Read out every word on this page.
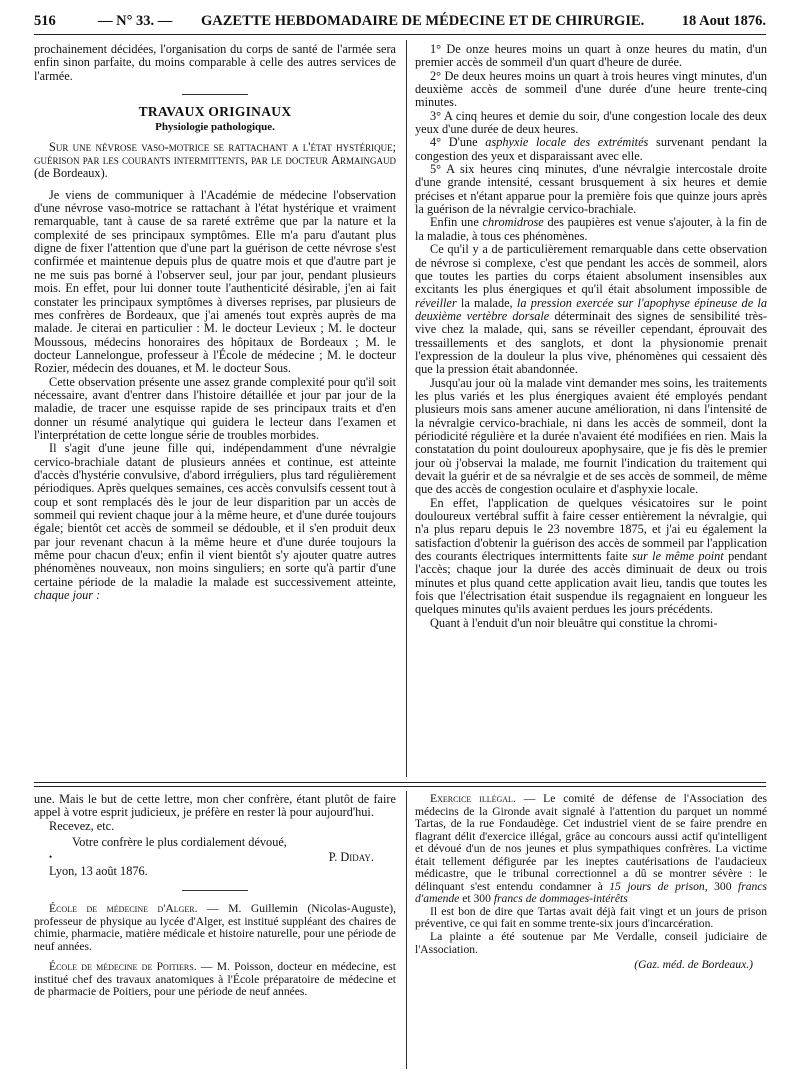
516	— N° 33. — GAZETTE HEBDOMADAIRE DE MÉDECINE ET DE CHIRURGIE.	18 Aout 1876.

prochainement décidées, l'organisation du corps de santé de l'armée sera enfin sinon parfaite, du moins comparable à celle des autres services de l'armée.

TRAVAUX ORIGINAUX
Physiologie pathologique.

Sur une névrose vaso-motrice se rattachant a l'état hystérique; guérison par les courants intermittents, par le docteur Armaingaud (de Bordeaux).

Je viens de communiquer à l'Académie de médecine l'observation d'une névrose vaso-motrice se rattachant à l'état hystérique et vraiment remarquable, tant à cause de sa rareté extrême que par la nature et la complexité de ses principaux symptômes. Elle m'a paru d'autant plus digne de fixer l'attention que d'une part la guérison de cette névrose s'est confirmée et maintenue depuis plus de quatre mois et que d'autre part je ne me suis pas borné à l'observer seul, jour par jour, pendant plusieurs mois. En effet, pour lui donner toute l'authenticité désirable, j'en ai fait constater les principaux symptômes à diverses reprises, par plusieurs de mes confrères de Bordeaux, que j'ai amenés tout exprès auprès de ma malade. Je citerai en particulier : M. le docteur Levieux ; M. le docteur Moussous, médecins honoraires des hôpitaux de Bordeaux ; M. le docteur Lannelongue, professeur à l'École de médecine ; M. le docteur Rozier, médecin des douanes, et M. le docteur Sous.

Cette observation présente une assez grande complexité pour qu'il soit nécessaire, avant d'entrer dans l'histoire détaillée et jour par jour de la maladie, de tracer une esquisse rapide de ses principaux traits et d'en donner un résumé analytique qui guidera le lecteur dans l'examen et l'interprétation de cette longue série de troubles morbides.

Il s'agit d'une jeune fille qui, indépendamment d'une névralgie cervico-brachiale datant de plusieurs années et continue, est atteinte d'accès d'hystérie convulsive, d'abord irréguliers, plus tard régulièrement périodiques. Après quelques semaines, ces accès convulsifs cessent tout à coup et sont remplacés dès le jour de leur disparition par un accès de sommeil qui revient chaque jour à la même heure, et d'une durée toujours égale; bientôt cet accès de sommeil se dédouble, et il s'en produit deux par jour revenant chacun à la même heure et d'une durée toujours la même pour chacun d'eux; enfin il vient bientôt s'y ajouter quatre autres phénomènes nouveaux, non moins singuliers; en sorte qu'à partir d'une certaine période de la maladie la malade est successivement atteinte, chaque jour :

1° De onze heures moins un quart à onze heures du matin, d'un premier accès de sommeil d'un quart d'heure de durée.

2° De deux heures moins un quart à trois heures vingt minutes, d'un deuxième accès de sommeil d'une durée d'une heure trente-cinq minutes.

3° A cinq heures et demie du soir, d'une congestion locale des deux yeux d'une durée de deux heures.

4° D'une asphyxie locale des extrémités survenant pendant la congestion des yeux et disparaissant avec elle.

5° A six heures cinq minutes, d'une névralgie intercostale droite d'une grande intensité, cessant brusquement à six heures et demie précises et n'étant apparue pour la première fois que quinze jours après la guérison de la névralgie cervico-brachiale.

Enfin une chromidrose des paupières est venue s'ajouter, à la fin de la maladie, à tous ces phénomènes.

Ce qu'il y a de particulièrement remarquable dans cette observation de névrose si complexe, c'est que pendant les accès de sommeil, alors que toutes les parties du corps étaient absolument insensibles aux excitants les plus énergiques et qu'il était absolument impossible de réveiller la malade, la pression exercée sur l'apophyse épineuse de la deuxième vertèbre dorsale déterminait des signes de sensibilité très-vive chez la malade, qui, sans se réveiller cependant, éprouvait des tressaillements et des sanglots, et dont la physionomie prenait l'expression de la douleur la plus vive, phénomènes qui cessaient dès que la pression était abandonnée.

Jusqu'au jour où la malade vint demander mes soins, les traitements les plus variés et les plus énergiques avaient été employés pendant plusieurs mois sans amener aucune amélioration, ni dans l'intensité de la névralgie cervico-brachiale, ni dans les accès de sommeil, dont la périodicité régulière et la durée n'avaient été modifiées en rien. Mais la constatation du point douloureux apophysaire, que je fis dès le premier jour où j'observai la malade, me fournit l'indication du traitement qui devait la guérir et de sa névralgie et de ses accès de sommeil, de même que des accès de congestion oculaire et d'asphyxie locale.

En effet, l'application de quelques vésicatoires sur le point douloureux vertébral suffit à faire cesser entièrement la névralgie, qui n'a plus reparu depuis le 23 novembre 1875, et j'ai eu également la satisfaction d'obtenir la guérison des accès de sommeil par l'application des courants électriques intermittents faite sur le même point pendant l'accès; chaque jour la durée des accès diminuait de deux ou trois minutes et plus quand cette application avait lieu, tandis que toutes les fois que l'électrisation était suspendue ils regagnaient en longueur les quelques minutes qu'ils avaient perdues les jours précédents.

Quant à l'enduit d'un noir bleuâtre qui constitue la chromi-

une. Mais le but de cette lettre, mon cher confrère, étant plutôt de faire appel à votre esprit judicieux, je préfère en rester là pour aujourd'hui.

Recevez, etc.

Votre confrère le plus cordialement dévoué,

•	P. Diday.

Lyon, 13 août 1876.

École de médecine d'Alger. — M. Guillemin (Nicolas-Auguste), professeur de physique au lycée d'Alger, est institué suppléant des chaires de chimie, pharmacie, matière médicale et histoire naturelle, pour une période de neuf années.

École de médecine de Poitiers. — M. Poisson, docteur en médecine, est institué chef des travaux anatomiques à l'École préparatoire de médecine et de pharmacie de Poitiers, pour une période de neuf années.

Exercice illégal. — Le comité de défense de l'Association des médecins de la Gironde avait signalé à l'attention du parquet un nommé Tartas, de la rue Fondaudège. Cet industriel vient de se faire prendre en flagrant délit d'exercice illégal, grâce au concours aussi actif qu'intelligent et dévoué d'un de nos jeunes et plus sympathiques confrères. La victime était tellement défigurée par les ineptes cautérisations de l'audacieux médicastre, que le tribunal correctionnel a dû se montrer sévère : le délinquant s'est entendu condamner à 15 jours de prison, 300 francs d'amende et 300 francs de dommages-intérêts

Il est bon de dire que Tartas avait déjà fait vingt et un jours de prison préventive, ce qui fait en somme trente-six jours d'incarcération.

La plainte a été soutenue par Me Verdalle, conseil judiciaire de l'Association.

(Gaz. méd. de Bordeaux.)
